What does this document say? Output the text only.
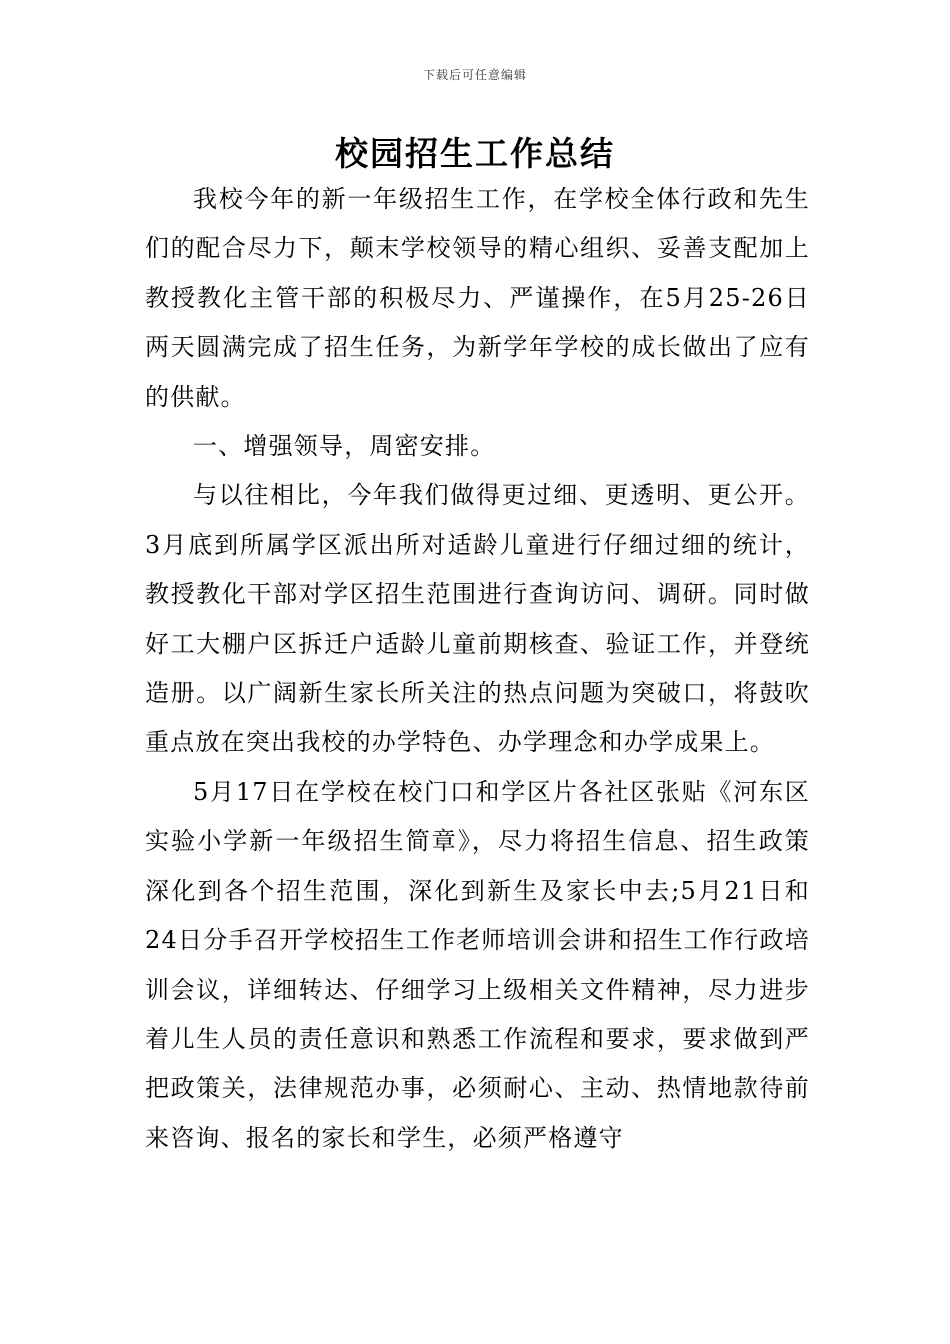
下载后可任意编辑
校园招生工作总结

我校今年的新一年级招生工作，在学校全体行政和先生们的配合尽力下，颠末学校领导的精心组织、妥善支配加上教授教化主管干部的积极尽力、严谨操作，在5月25-26日两天圆满完成了招生任务，为新学年学校的成长做出了应有的供献。

一、增强领导，周密安排。

与以往相比，今年我们做得更过细、更透明、更公开。3月底到所属学区派出所对适龄儿童进行仔细过细的统计，教授教化干部对学区招生范围进行查询访问、调研。同时做好工大棚户区拆迁户适龄儿童前期核查、验证工作，并登统造册。以广阔新生家长所关注的热点问题为突破口，将鼓吹重点放在突出我校的办学特色、办学理念和办学成果上。

5月17日在学校在校门口和学区片各社区张贴《河东区实验小学新一年级招生简章》，尽力将招生信息、招生政策深化到各个招生范围，深化到新生及家长中去;5月21日和24日分手召开学校招生工作老师培训会讲和招生工作行政培训会议，详细转达、仔细学习上级相关文件精神，尽力进步着儿生人员的责任意识和熟悉工作流程和要求，要求做到严把政策关，法律规范办事，必须耐心、主动、热情地款待前来咨询、报名的家长和学生，必须严格遵守
